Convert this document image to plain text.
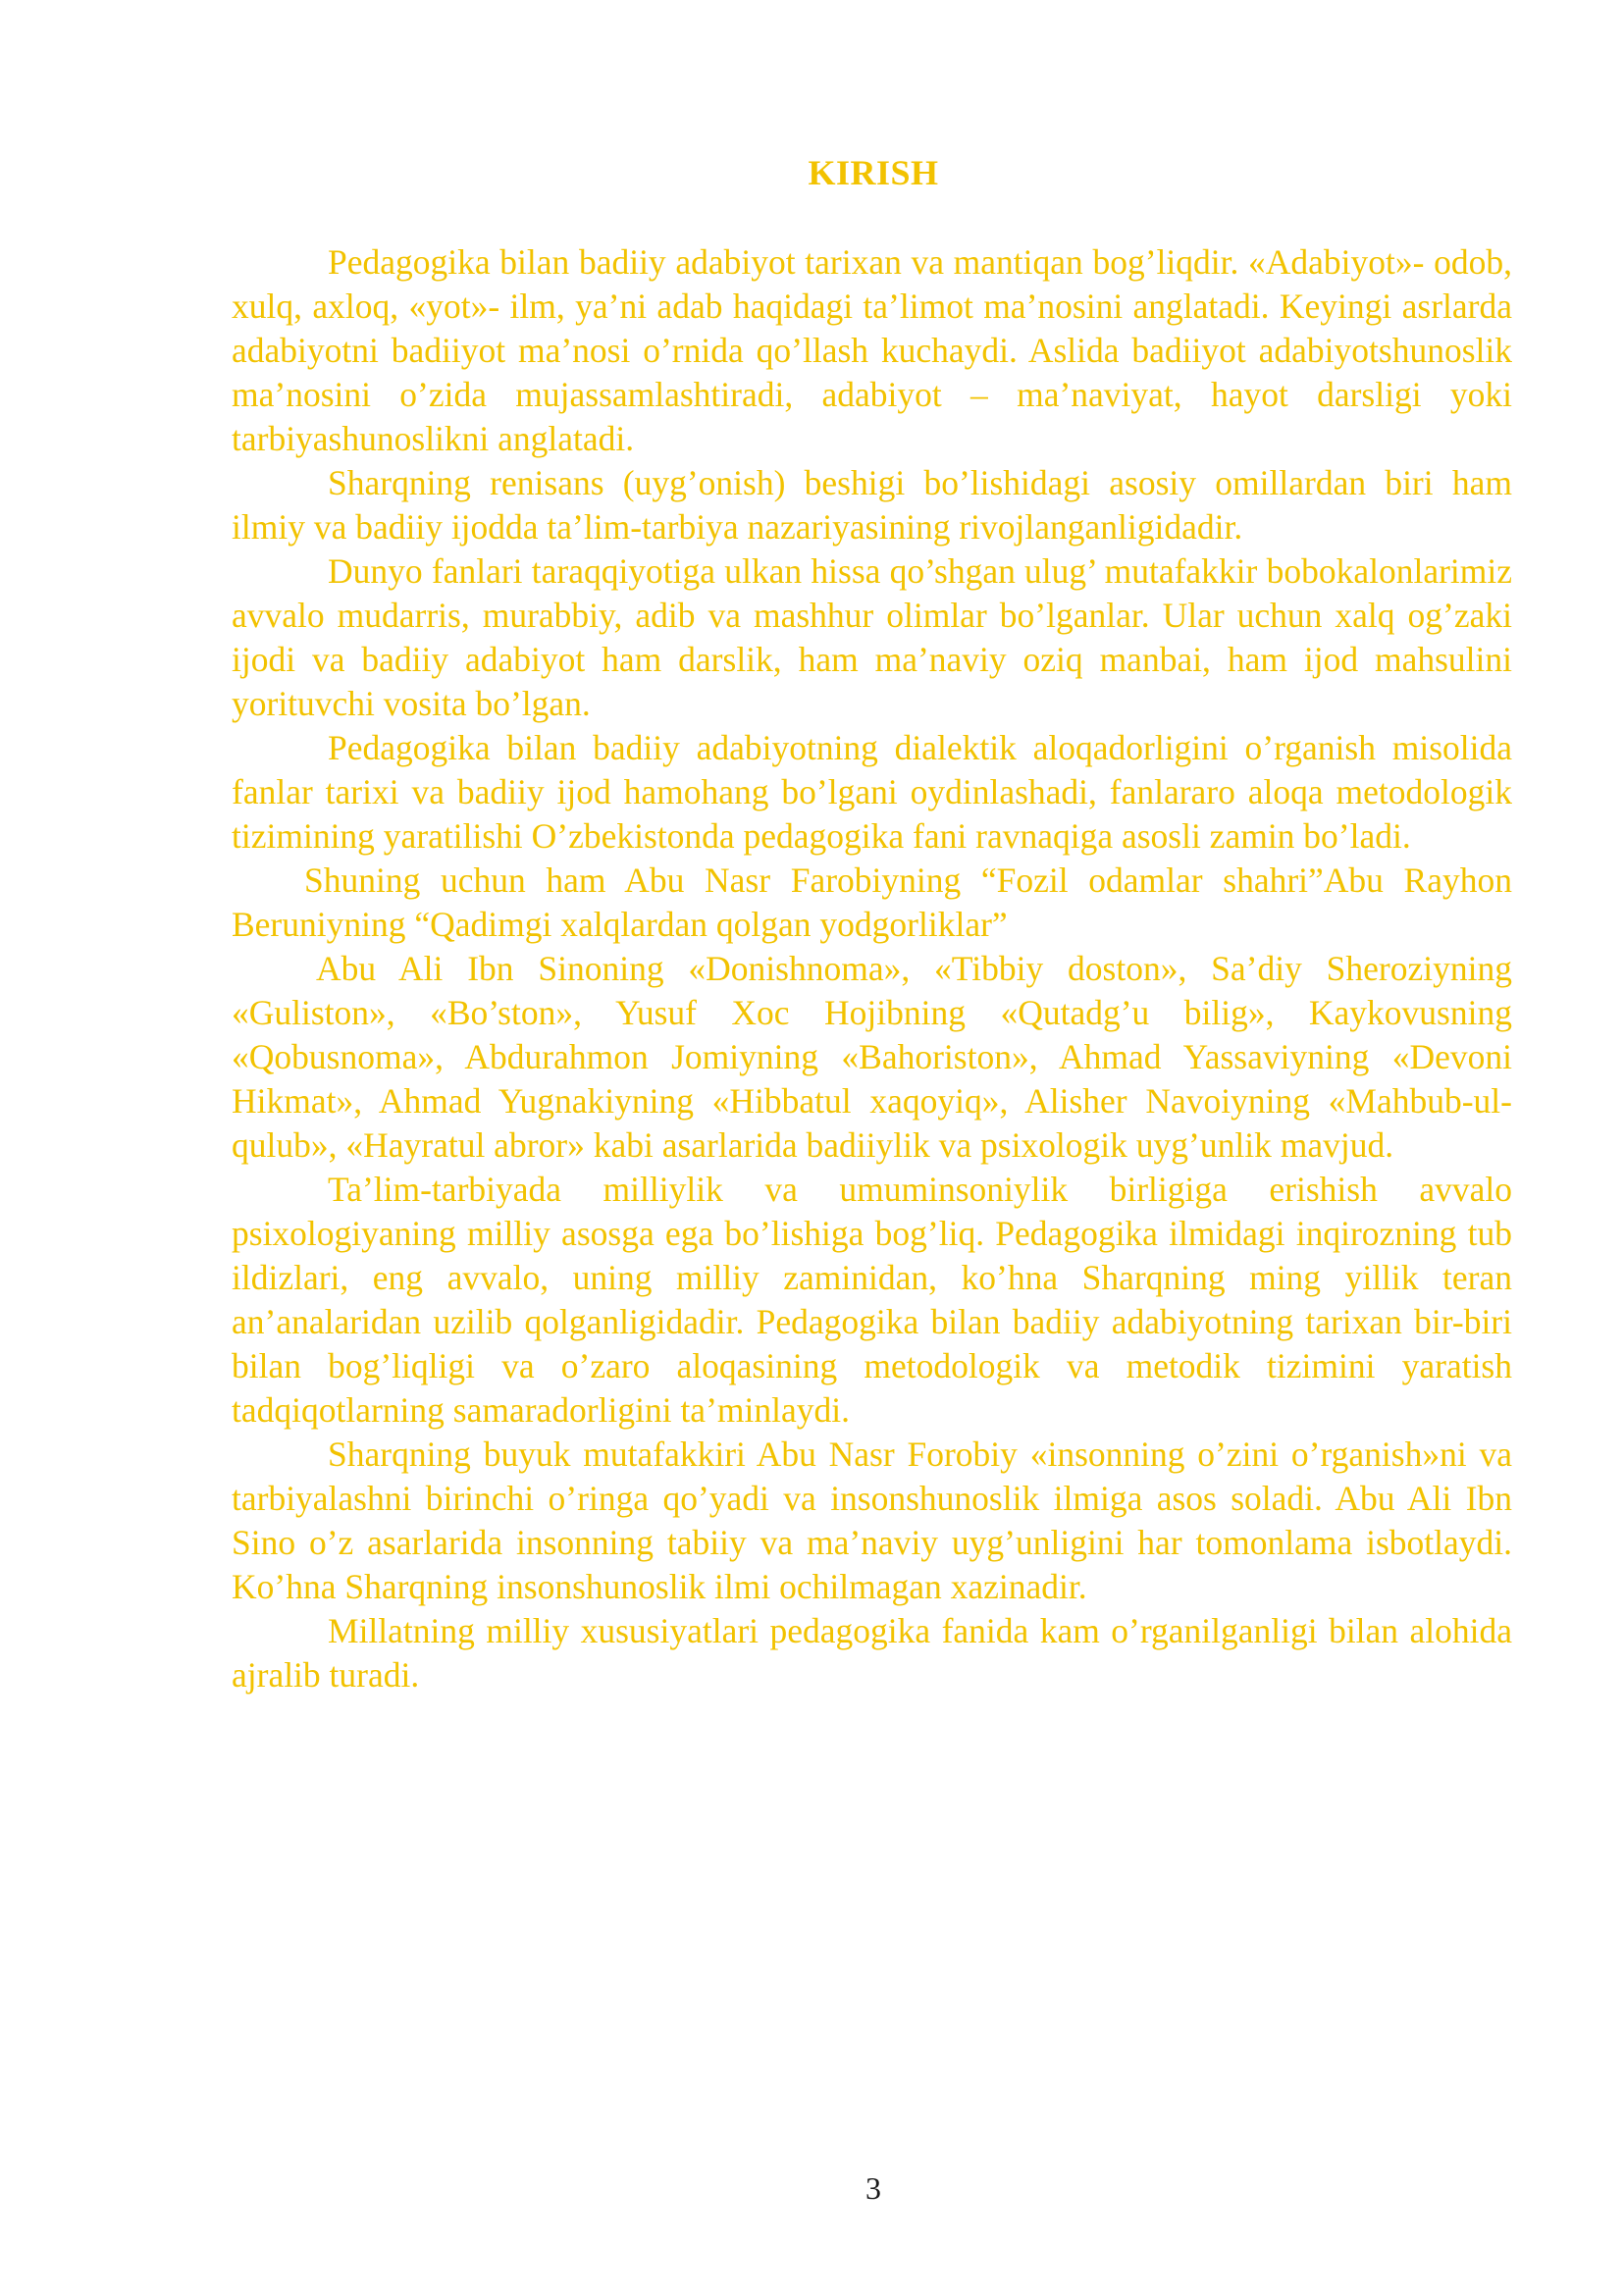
KIRISH

Pedagogika bilan badiiy adabiyot tarixan va mantiqan bog’liqdir. «Adabiyot»- odob, xulq, axloq, «yot»- ilm, ya’ni adab haqidagi ta’limot ma’nosini anglatadi. Keyingi asrlarda adabiyotni badiiyot ma’nosi o’rnida qo’llash kuchaydi. Aslida badiiyot adabiyotshunoslik ma’nosini o’zida mujassamlashtiradi, adabiyot – ma’naviyat, hayot darsligi yoki tarbiyashunoslikni anglatadi.

Sharqning renisans (uyg’onish) beshigi bo’lishidagi asosiy omillardan biri ham ilmiy va badiiy ijodda ta’lim-tarbiya nazariyasining rivojlanganligidadir.

Dunyo fanlari taraqqiyotiga ulkan hissa qo’shgan ulug’ mutafakkir bobokalonlarimiz avvalo mudarris, murabbiy, adib va mashhur olimlar bo’lganlar. Ular uchun xalq og’zaki ijodi va badiiy adabiyot ham darslik, ham ma’naviy oziq manbai, ham ijod mahsulini yorituvchi vosita bo’lgan.

Pedagogika bilan badiiy adabiyotning dialektik aloqadorligini o’rganish misolida fanlar tarixi va badiiy ijod hamohang bo’lgani oydinlashadi, fanlararo aloqa metodologik tizimining yaratilishi O’zbekistonda pedagogika fani ravnaqiga asosli zamin bo’ladi.

Shuning uchun ham Abu Nasr Farobiyning “Fozil odamlar shahri”Abu Rayhon Beruniyning “Qadimgi xalqlardan qolgan yodgorliklar”

Abu Ali Ibn Sinoning «Donishnoma», «Tibbiy doston», Sa’diy Sheroziyning «Guliston», «Bo’ston», Yusuf Xoc Hojibning «Qutadg’u bilig», Kaykovusning «Qobusnoma», Abdurahmon Jomiyning «Bahoriston», Ahmad Yassaviyning «Devoni Hikmat», Ahmad Yugnakiyning «Hibbatul xaqoyiq», Alisher Navoiyning «Mahbub-ul-qulub», «Hayratul abror» kabi asarlarida badiiylik va psixologik uyg’unlik mavjud.

Ta’lim-tarbiyada milliylik va umuminsoniylik birligiga erishish avvalo psixologiyaning milliy asosga ega bo’lishiga bog’liq. Pedagogika ilmidagi inqirozning tub ildizlari, eng avvalo, uning milliy zaminidan, ko’hna Sharqning ming yillik teran an’analaridan uzilib qolganligidadir. Pedagogika bilan badiiy adabiyotning tarixan bir-biri bilan bog’liqligi va o’zaro aloqasining metodologik va metodik tizimini yaratish tadqiqotlarning samaradorligini ta’minlaydi.

Sharqning buyuk mutafakkiri Abu Nasr Forobiy «insonning o’zini o’rganish»ni va tarbiyalashni birinchi o’ringa qo’yadi va insonshunoslik ilmiga asos soladi. Abu Ali Ibn Sino o’z asarlarida insonning tabiiy va ma’naviy uyg’unligini har tomonlama isbotlaydi. Ko’hna Sharqning insonshunoslik ilmi ochilmagan xazinadir.

Millatning milliy xususiyatlari pedagogika fanida kam o’rganilganligi bilan alohida ajralib turadi.

3
